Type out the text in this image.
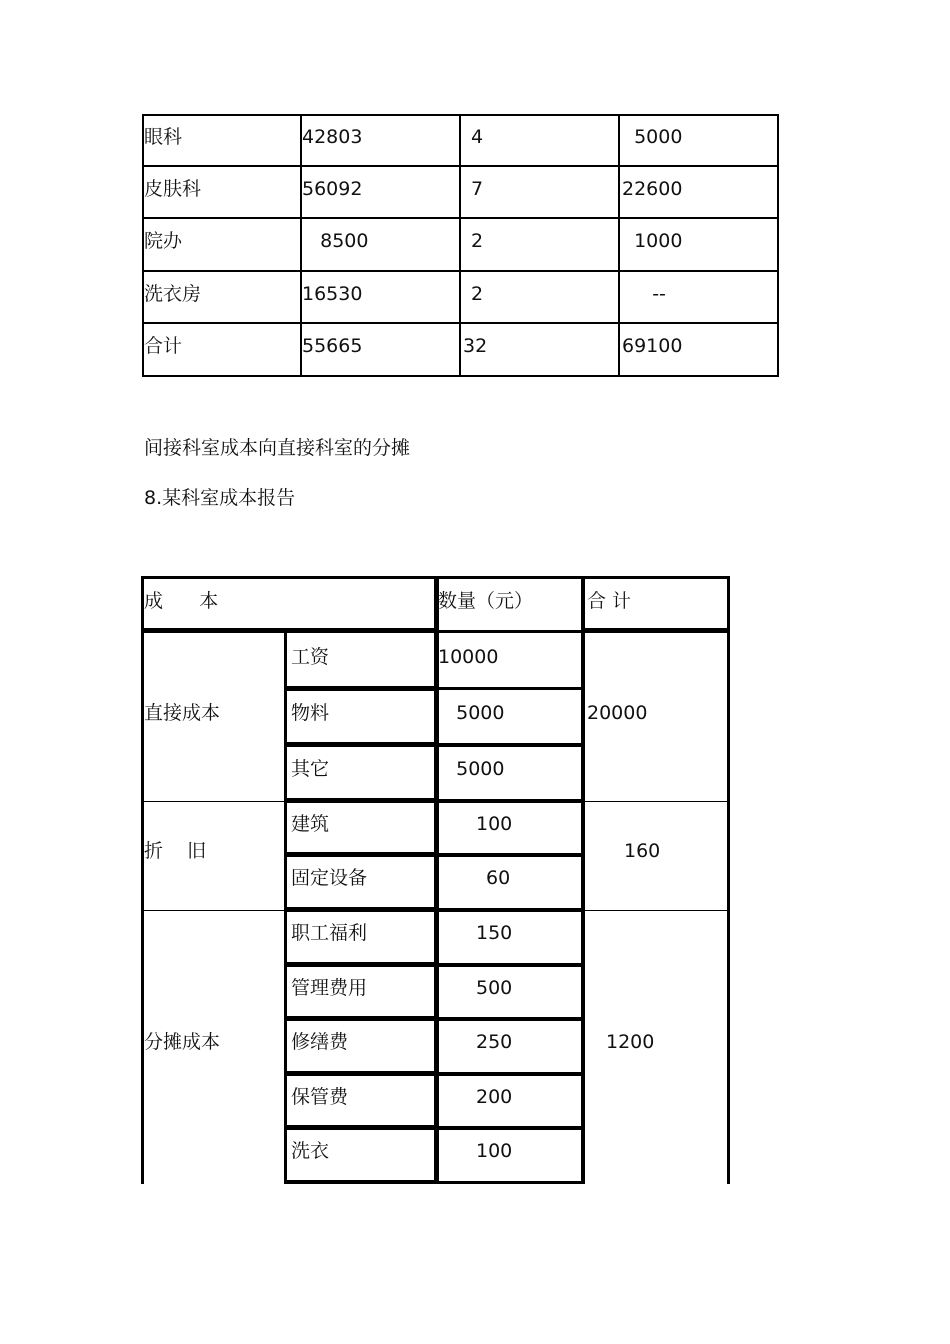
眼科	42803	4	5000
皮肤科	56092	7	22600
院办	8500	2	1000
洗衣房	16530	2	--
合计	55665	32	69100
间接科室成本向直接科室的分摊
8.某科室成本报告
成      本	数量（元）	合 计
直接成本	20000
工资	10000
物料	5000
其它	5000
折    旧	160
建筑	100
固定设备	60
分摊成本	1200
职工福利	150
管理费用	500
修缮费	250
保管费	200
洗衣	100
